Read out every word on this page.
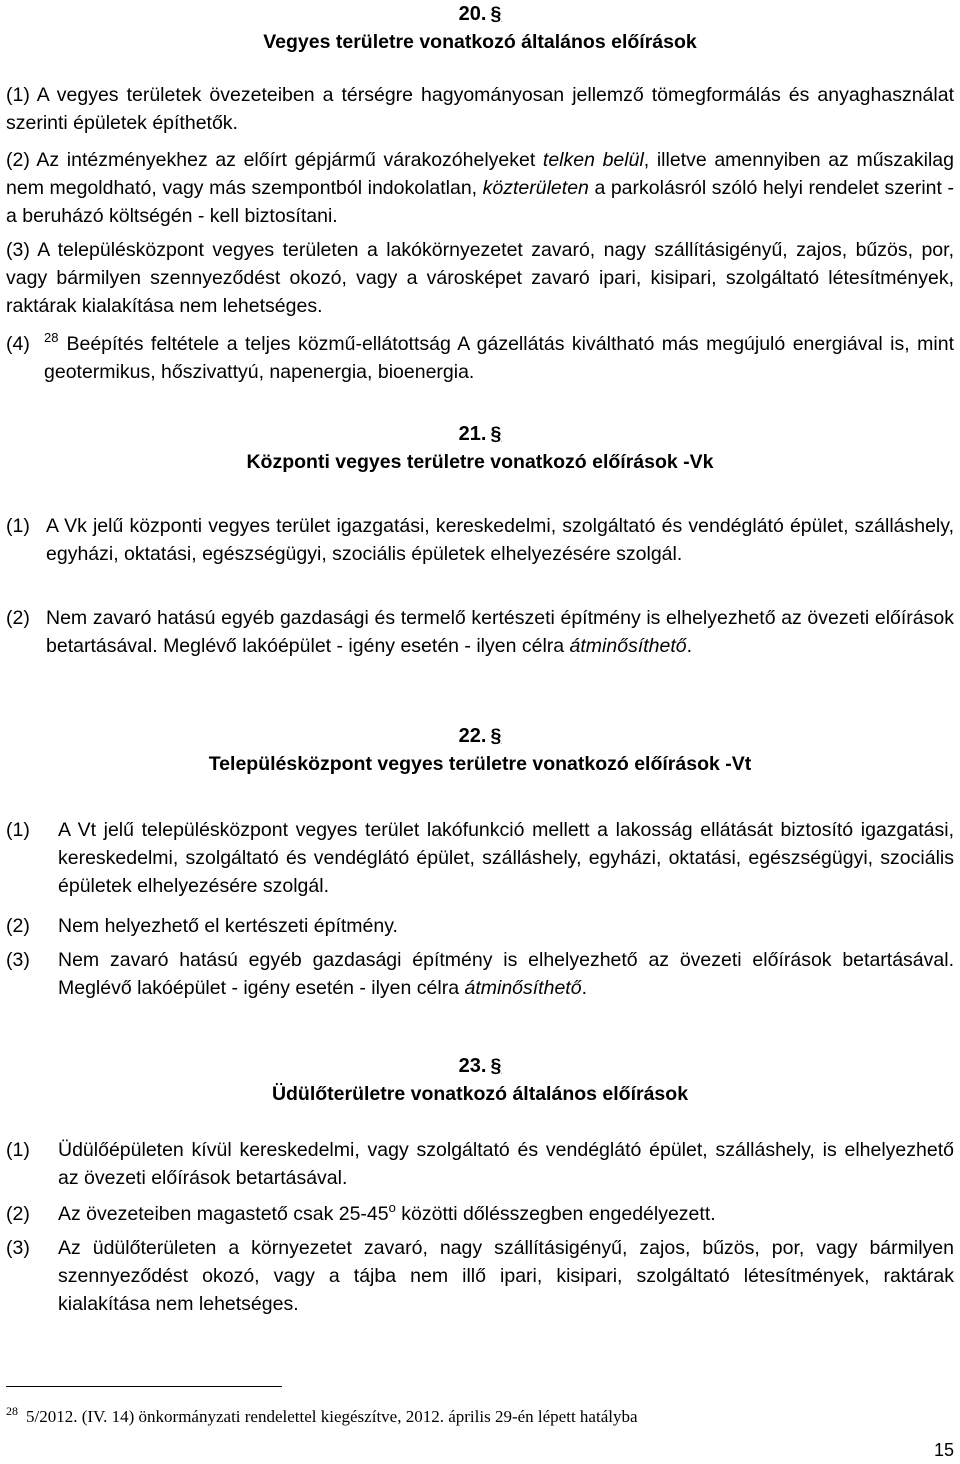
20. §
Vegyes területre vonatkozó általános előírások
(1) A vegyes területek övezeteiben a térségre hagyományosan jellemző tömegformálás és anyaghasználat szerinti épületek építhetők.
(2) Az intézményekhez az előírt gépjármű várakozóhelyeket telken belül, illetve amennyiben az műszakilag nem megoldható, vagy más szempontból indokolatlan, közterületen a parkolásról szóló helyi rendelet szerint - a beruházó költségén - kell biztosítani.
(3) A településközpont vegyes területen a lakókörnyezetet zavaró, nagy szállításigényű, zajos, bűzös, por, vagy bármilyen szennyeződést okozó, vagy a városképet zavaró ipari, kisipari, szolgáltató létesítmények, raktárak kialakítása nem lehetséges.
(4) $^{28}$ Beépítés feltétele a teljes közmű-ellátottság A gázellátás kiváltható más megújuló energiával is, mint geotermikus, hőszivattyú, napenergia, bioenergia.
21. §
Központi vegyes területre vonatkozó előírások -Vk
(1) A Vk jelű központi vegyes terület igazgatási, kereskedelmi, szolgáltató és vendéglátó épület, szálláshely, egyházi, oktatási, egészségügyi, szociális épületek elhelyezésére szolgál.
(2) Nem zavaró hatású egyéb gazdasági és termelő kertészeti építmény is elhelyezhető az övezeti előírások betartásával. Meglévő lakóépület - igény esetén - ilyen célra átminősíthető.
22. §
Településközpont vegyes területre vonatkozó előírások -Vt
(1) A Vt jelű településközpont vegyes terület lakófunkció mellett a lakosság ellátását biztosító igazgatási, kereskedelmi, szolgáltató és vendéglátó épület, szálláshely, egyházi, oktatási, egészségügyi, szociális épületek elhelyezésére szolgál.
(2) Nem helyezhető el kertészeti építmény.
(3) Nem zavaró hatású egyéb gazdasági építmény is elhelyezhető az övezeti előírások betartásával. Meglévő lakóépület - igény esetén - ilyen célra átminősíthető.
23. §
Üdülőterületre vonatkozó általános előírások
(1) Üdülőépületen kívül kereskedelmi, vagy szolgáltató és vendéglátó épület, szálláshely, is elhelyezhető az övezeti előírások betartásával.
(2) Az övezeteiben magastető csak 25-45$^o$ közötti dőlésszegben engedélyezett.
(3) Az üdülőterületen a környezetet zavaró, nagy szállításigényű, zajos, bűzös, por, vagy bármilyen szennyeződést okozó, vagy a tájba nem illő ipari, kisipari, szolgáltató létesítmények, raktárak kialakítása nem lehetséges.
$^{28}$ 5/2012. (IV. 14) önkormányzati rendelettel kiegészítve, 2012. április 29-én lépett hatályba
15
